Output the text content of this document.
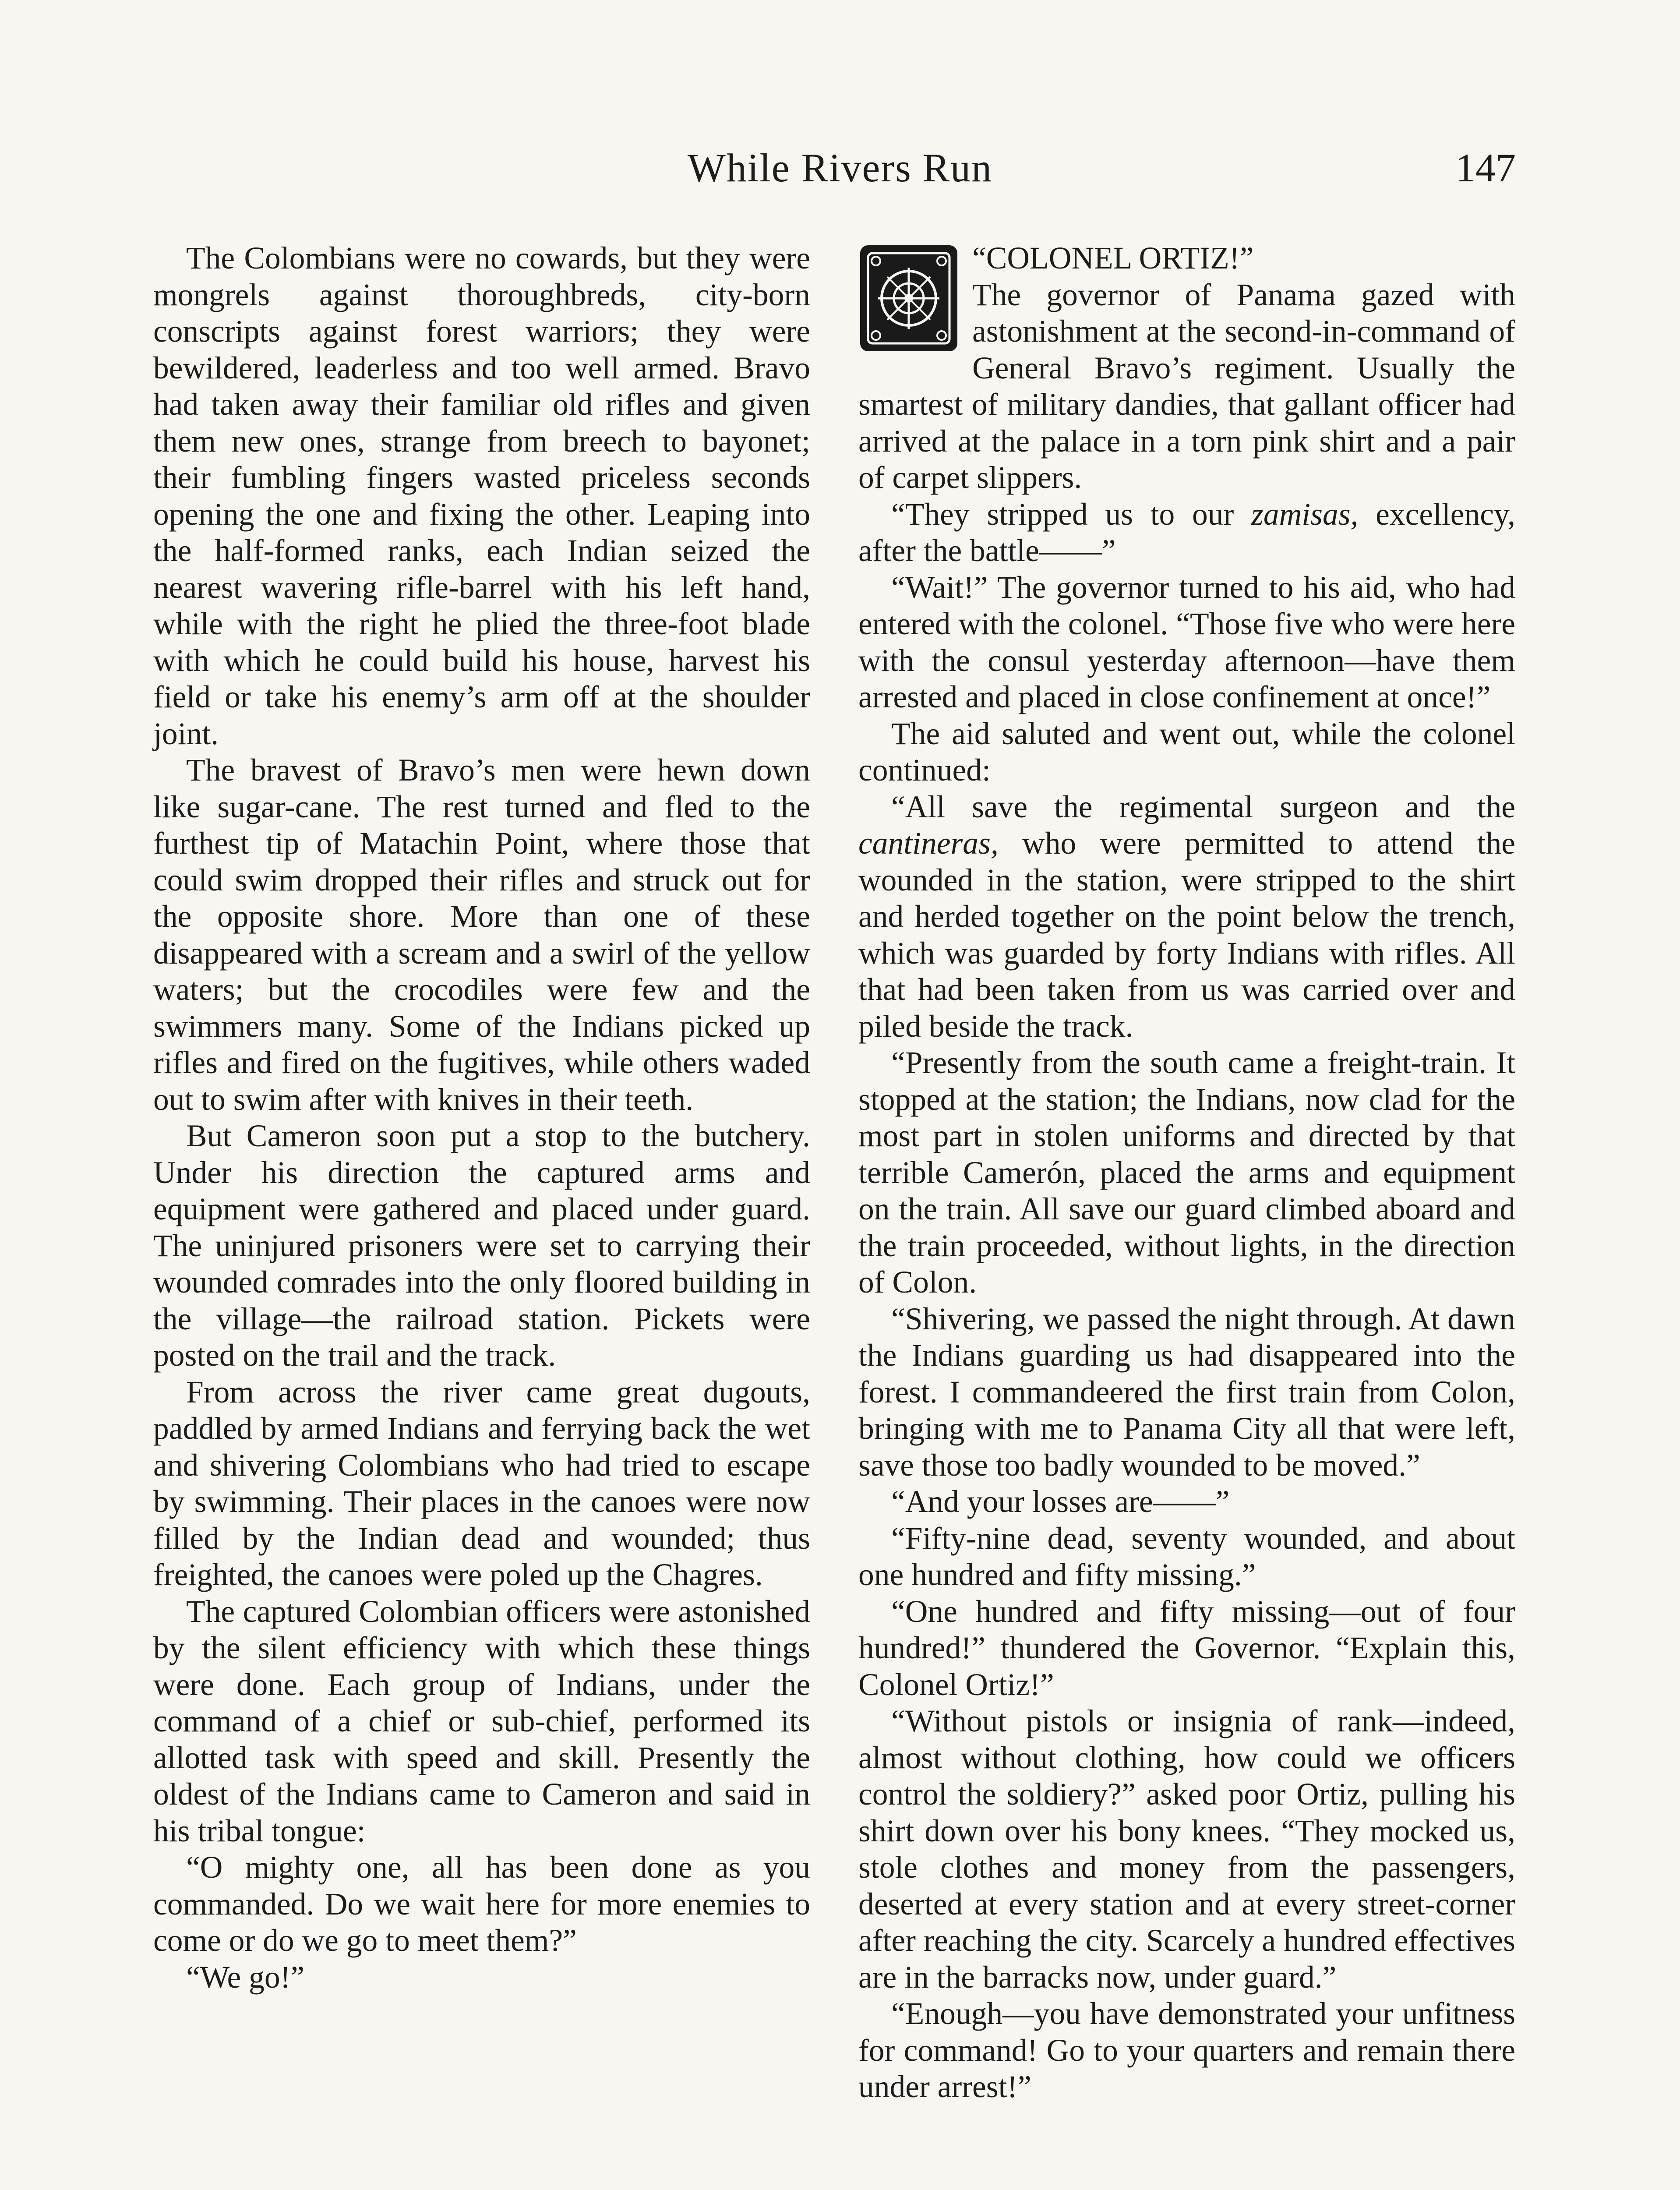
While Rivers Run	147

The Colombians were no cowards, but they were mongrels against thoroughbreds, city-born conscripts against forest warriors; they were bewildered, leaderless and too well armed. Bravo had taken away their familiar old rifles and given them new ones, strange from breech to bayonet; their fumbling fingers wasted priceless seconds opening the one and fixing the other. Leaping into the half-formed ranks, each Indian seized the nearest wavering rifle-barrel with his left hand, while with the right he plied the three-foot blade with which he could build his house, harvest his field or take his enemy’s arm off at the shoulder joint.

The bravest of Bravo’s men were hewn down like sugar-cane. The rest turned and fled to the furthest tip of Matachin Point, where those that could swim dropped their rifles and struck out for the opposite shore. More than one of these disappeared with a scream and a swirl of the yellow waters; but the crocodiles were few and the swimmers many. Some of the Indians picked up rifles and fired on the fugitives, while others waded out to swim after with knives in their teeth.

But Cameron soon put a stop to the butchery. Under his direction the captured arms and equipment were gathered and placed under guard. The uninjured prisoners were set to carrying their wounded comrades into the only floored building in the village—the railroad station. Pickets were posted on the trail and the track.

From across the river came great dugouts, paddled by armed Indians and ferrying back the wet and shivering Colombians who had tried to escape by swimming. Their places in the canoes were now filled by the Indian dead and wounded; thus freighted, the canoes were poled up the Chagres.

The captured Colombian officers were astonished by the silent efficiency with which these things were done. Each group of Indians, under the command of a chief or sub-chief, performed its allotted task with speed and skill. Presently the oldest of the Indians came to Cameron and said in his tribal tongue:

“O mighty one, all has been done as you commanded. Do we wait here for more enemies to come or do we go to meet them?”

“We go!”

“COLONEL ORTIZ!”
The governor of Panama gazed with astonishment at the second-in-command of General Bravo’s regiment. Usually the smartest of military dandies, that gallant officer had arrived at the palace in a torn pink shirt and a pair of carpet slippers.

“They stripped us to our zamisas, excellency, after the battle——”

“Wait!” The governor turned to his aid, who had entered with the colonel. “Those five who were here with the consul yesterday afternoon—have them arrested and placed in close confinement at once!”

The aid saluted and went out, while the colonel continued:

“All save the regimental surgeon and the cantineras, who were permitted to attend the wounded in the station, were stripped to the shirt and herded together on the point below the trench, which was guarded by forty Indians with rifles. All that had been taken from us was carried over and piled beside the track.

“Presently from the south came a freight-train. It stopped at the station; the Indians, now clad for the most part in stolen uniforms and directed by that terrible Camerón, placed the arms and equipment on the train. All save our guard climbed aboard and the train proceeded, without lights, in the direction of Colon.

“Shivering, we passed the night through. At dawn the Indians guarding us had disappeared into the forest. I commandeered the first train from Colon, bringing with me to Panama City all that were left, save those too badly wounded to be moved.”

“And your losses are——”

“Fifty-nine dead, seventy wounded, and about one hundred and fifty missing.”

“One hundred and fifty missing—out of four hundred!” thundered the Governor. “Explain this, Colonel Ortiz!”

“Without pistols or insignia of rank—indeed, almost without clothing, how could we officers control the soldiery?” asked poor Ortiz, pulling his shirt down over his bony knees. “They mocked us, stole clothes and money from the passengers, deserted at every station and at every street-corner after reaching the city. Scarcely a hundred effectives are in the barracks now, under guard.”

“Enough—you have demonstrated your unfitness for command! Go to your quarters and remain there under arrest!”
